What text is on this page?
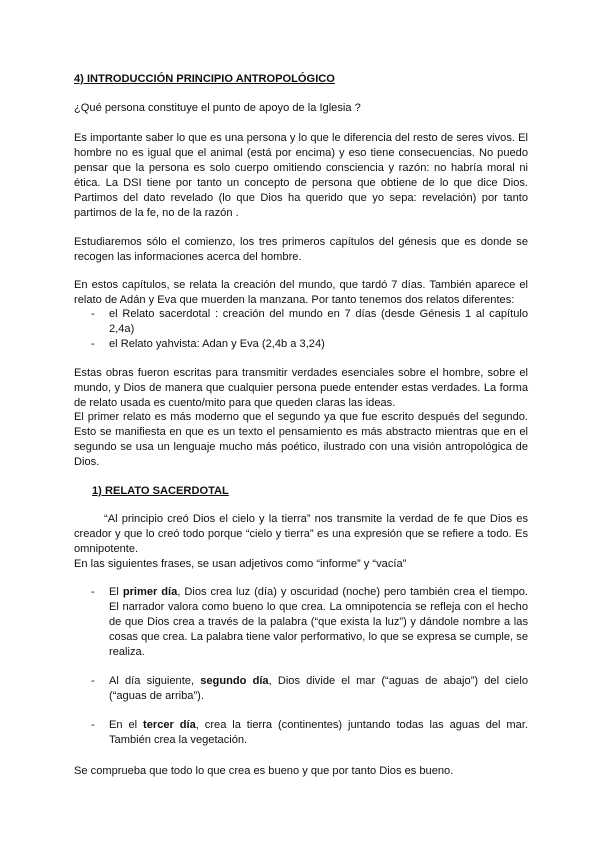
4) INTRODUCCIÓN PRINCIPIO ANTROPOLÓGICO
¿Qué persona constituye el punto de apoyo de la Iglesia ?

Es importante saber lo que es una persona y lo que le diferencia del resto de seres vivos. El hombre no es igual que el animal (está por encima) y eso tiene consecuencias. No puedo pensar que la persona es solo cuerpo omitiendo consciencia y razón: no habría moral ni ética. La DSI tiene por tanto un concepto de persona que obtiene de lo que dice Dios. Partimos del dato revelado (lo que Dios ha querido que yo sepa: revelación) por tanto partimos de la fe, no de la razón .

Estudiaremos sólo el comienzo, los tres primeros capítulos del génesis que es donde se recogen las informaciones acerca del hombre.

En estos capítulos, se relata la creación del mundo, que tardó 7 días. También aparece el relato de Adán y Eva que muerden la manzana. Por tanto tenemos dos relatos diferentes:

- el Relato sacerdotal : creación del mundo en 7 días (desde Génesis 1 al capítulo 2,4a)
- el Relato yahvista: Adan y Eva (2,4b a 3,24)

Estas obras fueron escritas para transmitir verdades esenciales sobre el hombre, sobre el mundo, y Dios de manera que cualquier persona puede entender estas verdades. La forma de relato usada es cuento/mito para que queden claras las ideas.

El primer relato es más moderno que el segundo ya que fue escrito después del segundo. Esto se manifiesta en que es un texto el pensamiento es más abstracto mientras que en el segundo se usa un lenguaje mucho más poético, ilustrado con una visión antropológica de Dios.

1) RELATO SACERDOTAL

“Al principio creó Dios el cielo y la tierra” nos transmite la verdad de fe que Dios es creador y que lo creó todo porque “cielo y tierra” es una expresión que se refiere a todo. Es omnipotente.

En las siguientes frases, se usan adjetivos como “informe” y “vacía”

- El primer día, Dios crea luz (día) y oscuridad (noche) pero también crea el tiempo. El narrador valora como bueno lo que crea. La omnipotencia se refleja con el hecho de que Dios crea a través de la palabra (“que exista la luz”) y dándole nombre a las cosas que crea. La palabra tiene valor performativo, lo que se expresa se cumple, se realiza.
- Al día siguiente, segundo día, Dios divide el mar (“aguas de abajo”) del cielo (“aguas de arriba”).
- En el tercer día, crea la tierra (continentes) juntando todas las aguas del mar. También crea la vegetación.
Se comprueba que todo lo que crea es bueno y que por tanto Dios es bueno.
